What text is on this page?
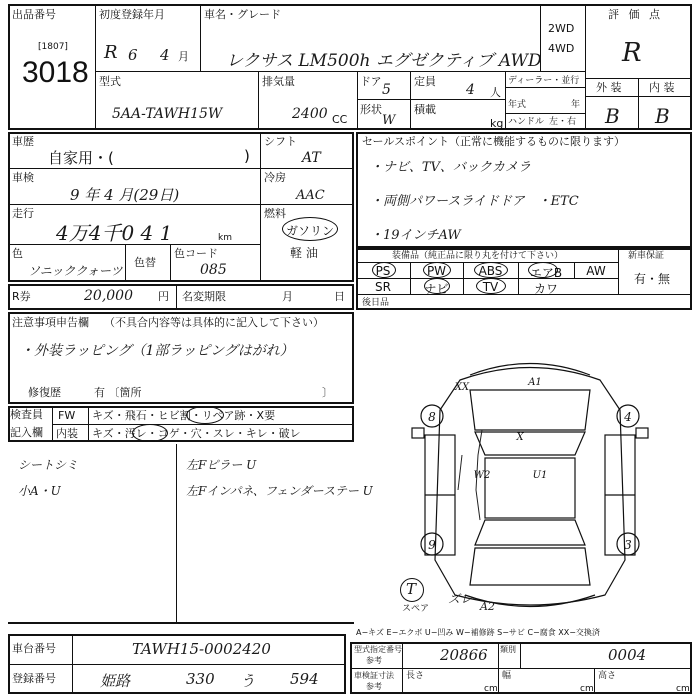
出品番号
[1807]
3018
初度登録年月
R 6 4 月
車名・グレード
レクサス LM500h エグゼクティブ AWD
2WD
4WD
評 価 点
R
外 装	内 装
B B
型式
5AA-TAWH15W
排気量
2400 CC
ドア
5
定員
4 人
形状
W
積載
kg
ディーラー・並行
年式	年
ハンドル 左・右
車歴
自家用・(	)
シフト
AT
車検
9 年 4 月(29日)
冷房
AAC
走行
4万4千0 4 1	km
燃料
ガソリン
軽 油
色
ソニッククォーツ
色替
色コード
085
R券	20,000 円 名変期限	月	日
セールスポイント（正常に機能するものに限ります）
・ナビ、TV、バックカメラ
・両側パワースライドドア　・ETC
・19インチAW
装備品（純正品に限り丸を付けて下さい）	新車保証
有・無
PS	PW	ABS	エアB	AW
SR	ナビ	TV	カワ
後日品
注意事項申告欄 （不具合内容等は具体的に記入して下さい）
・外装ラッピング（1部ラッピングはがれ）
修復歴	有 〔箇所	〕
検査員
記入欄
FW キズ・飛石・ヒビ割・リペア跡・X要
内装 キズ・汚レ・コゲ・穴・スレ・キレ・破レ
シートシミ
小A・U
左Fピラー U
左Fインパネ、フェンダーステー U
8	4
9	3
XX	A1
X
W2	U1
T
スペア
ズレ
A2
A−キズ E−エクボ U−凹み W−補修跡 S−サビ C−腐食 XX−交換済
車台番号	TAWH15-0002420
登録番号	姫路	330 う 594
型式指定番号
参考	20866 類別	0004
車検証寸法
参考
長さ
cm
幅
cm
高さ
cm
